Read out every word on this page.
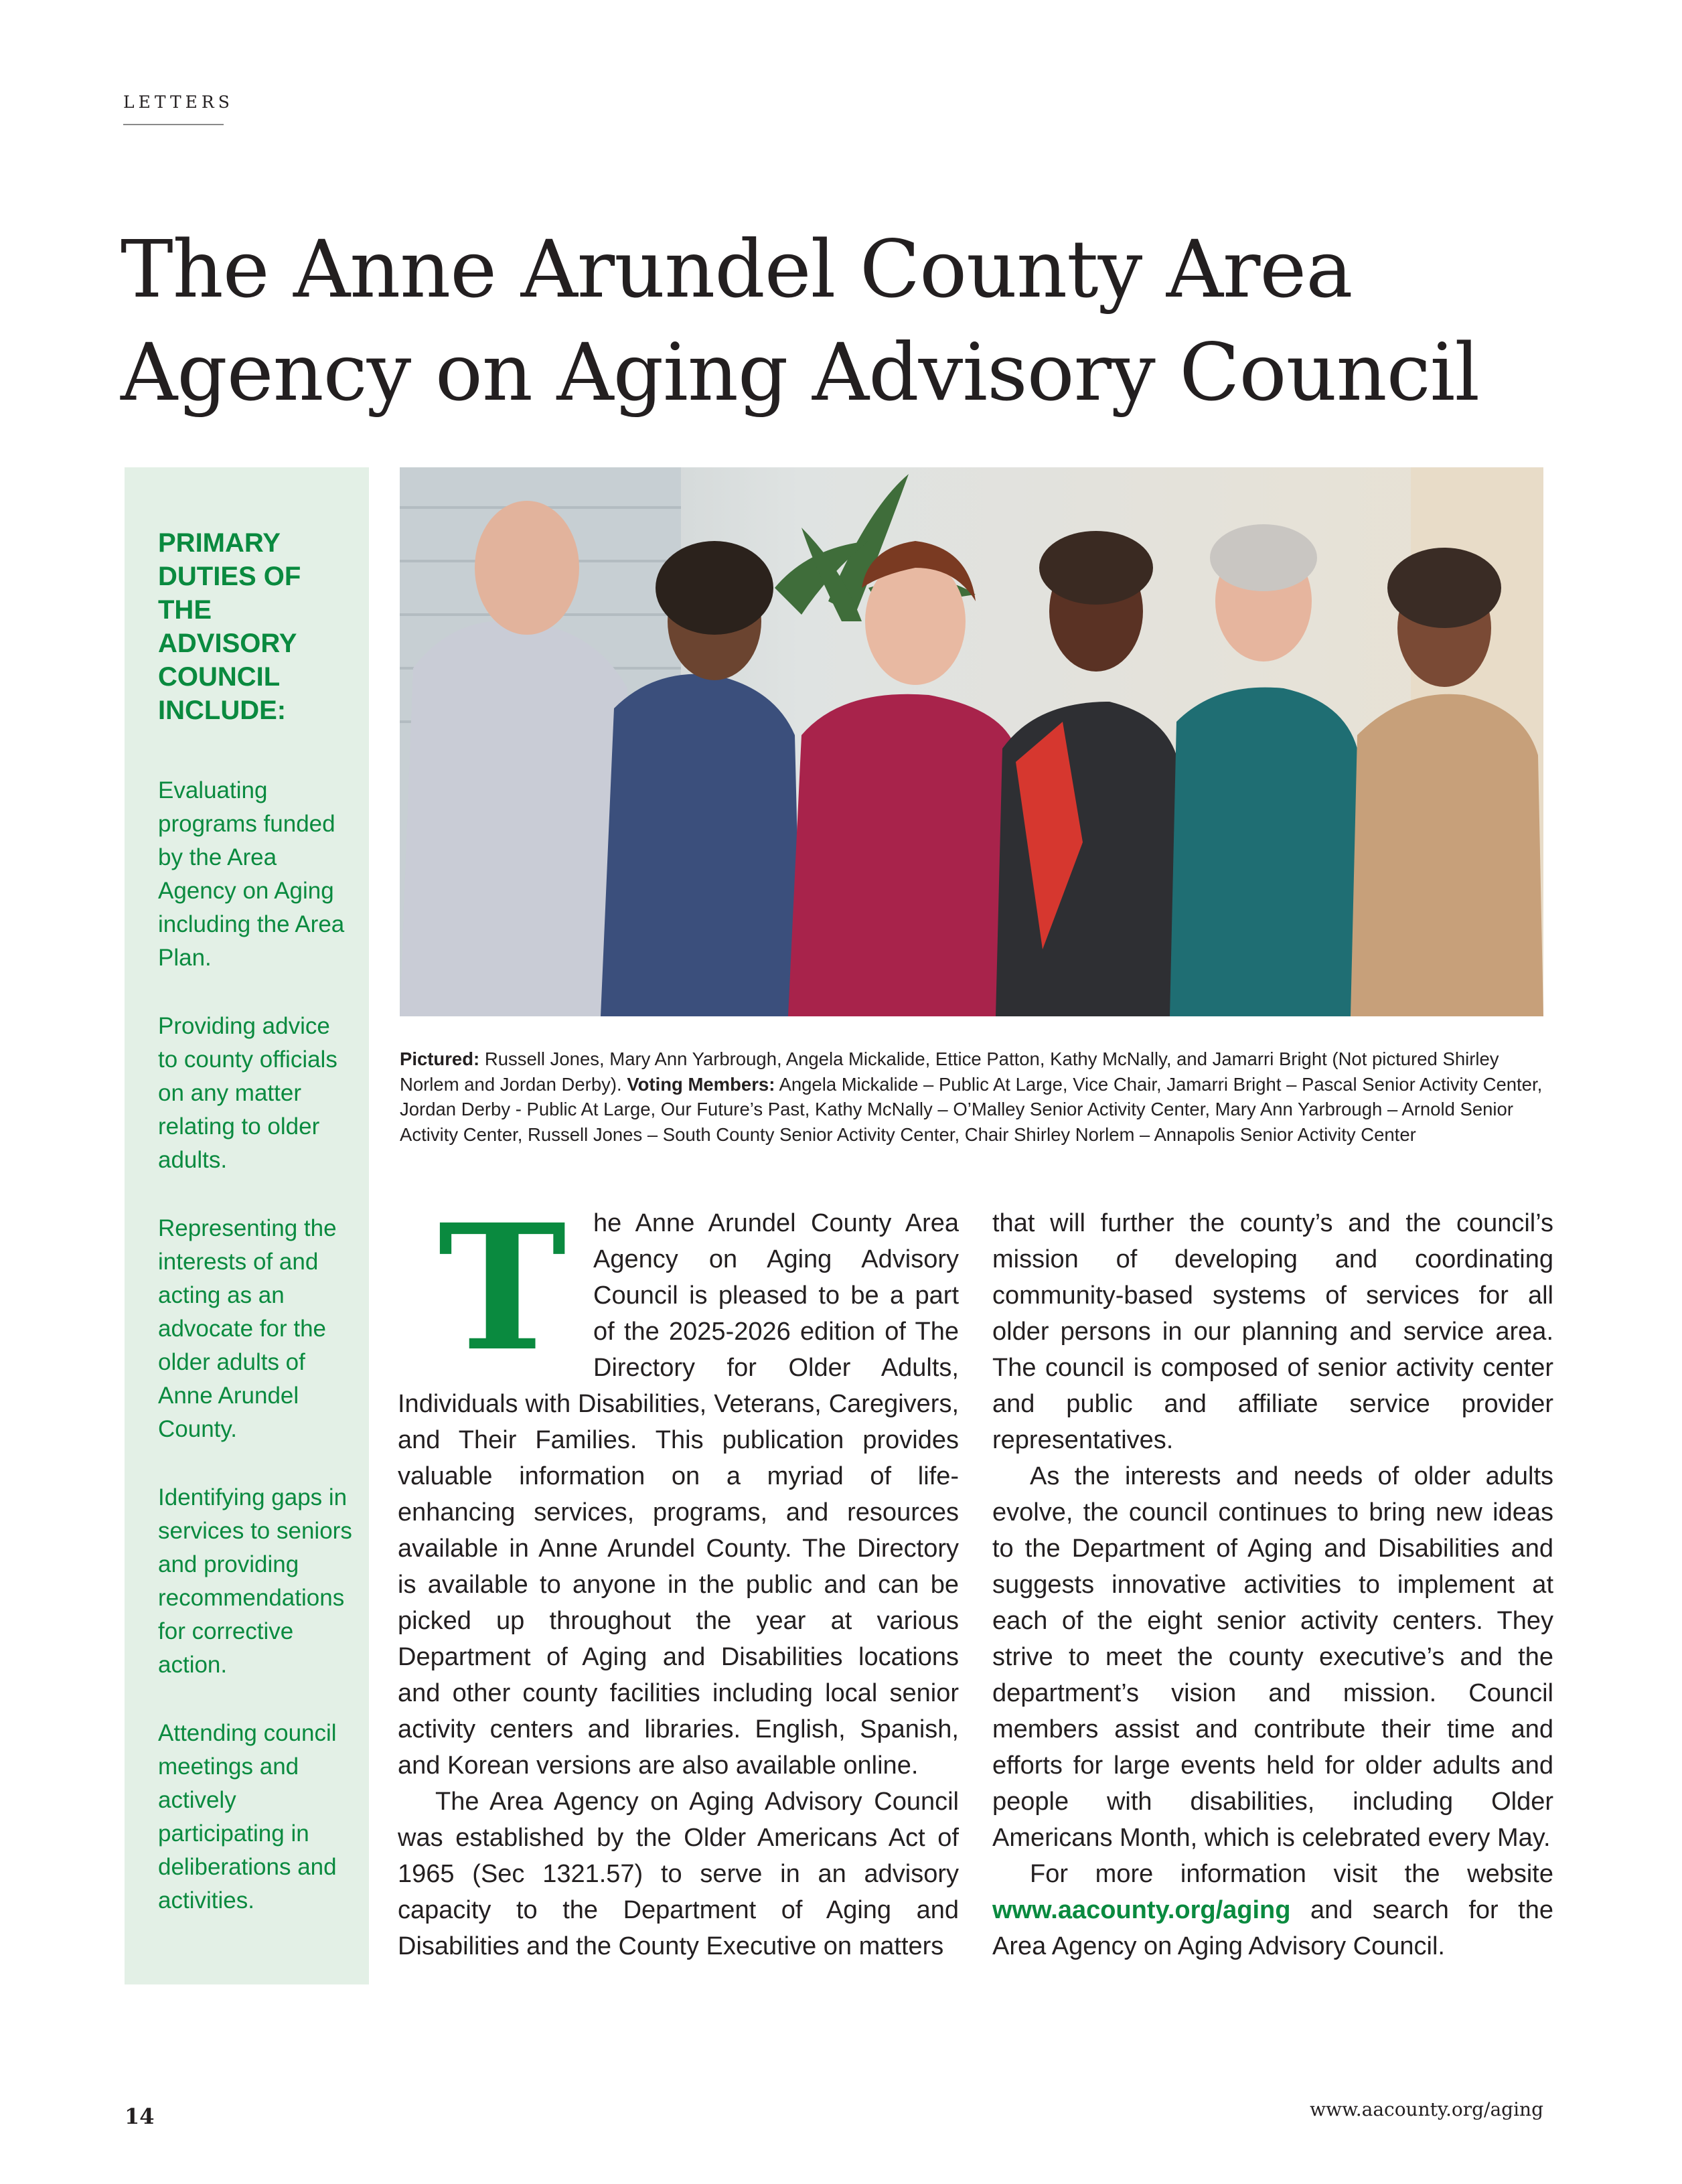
LETTERS
The Anne Arundel County Area Agency on Aging Advisory Council
PRIMARY DUTIES OF THE ADVISORY COUNCIL INCLUDE:

Evaluating programs funded by the Area Agency on Aging including the Area Plan.

Providing advice to county officials on any matter relating to older adults.

Representing the interests of and acting as an advocate for the older adults of Anne Arundel County.

Identifying gaps in services to seniors and providing recommendations for corrective action.

Attending council meetings and actively participating in deliberations and activities.

Pictured: Russell Jones, Mary Ann Yarbrough, Angela Mickalide, Ettice Patton, Kathy McNally, and Jamarri Bright (Not pictured Shirley Norlem and Jordan Derby). Voting Members: Angela Mickalide – Public At Large, Vice Chair, Jamarri Bright – Pascal Senior Activity Center, Jordan Derby - Public At Large, Our Future’s Past, Kathy McNally – O’Malley Senior Activity Center, Mary Ann Yarbrough – Arnold Senior Activity Center, Russell Jones – South County Senior Activity Center, Chair Shirley Norlem – Annapolis Senior Activity Center

T he Anne Arundel County Area Agency on Aging Advisory Council is pleased to be a part of the 2025-2026 edition of The Directory for Older Adults, Individuals with Disabilities, Veterans, Caregivers, and Their Families. This publication provides valuable information on a myriad of life-enhancing services, programs, and resources available in Anne Arundel County. The Directory is available to anyone in the public and can be picked up throughout the year at various Department of Aging and Disabilities locations and other county facilities including local senior activity centers and libraries. English, Spanish, and Korean versions are also available online.

The Area Agency on Aging Advisory Council was established by the Older Americans Act of 1965 (Sec 1321.57) to serve in an advisory capacity to the Department of Aging and Disabilities and the County Executive on matters

that will further the county’s and the council’s mission of developing and coordinating community-based systems of services for all older persons in our planning and service area. The council is composed of senior activity center and public and affiliate service provider representatives.

As the interests and needs of older adults evolve, the council continues to bring new ideas to the Department of Aging and Disabilities and suggests innovative activities to implement at each of the eight senior activity centers. They strive to meet the county executive’s and the department’s vision and mission. Council members assist and contribute their time and efforts for large events held for older adults and people with disabilities, including Older Americans Month, which is celebrated every May.

For more information visit the website www.aacounty.org/aging and search for the Area Agency on Aging Advisory Council.

14	www.aacounty.org/aging
